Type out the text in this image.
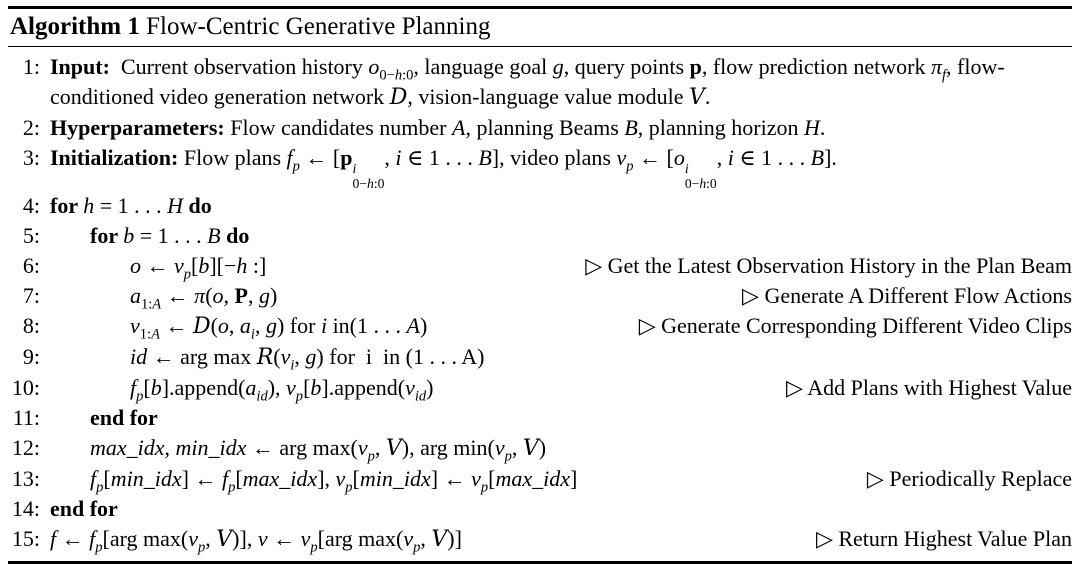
Algorithm 1 Flow-Centric Generative Planning
1: Input:  Current observation history $o_{0-h:0}$, language goal g, query points p, flow prediction network $\pi_f$, flow-conditioned video generation network D, vision-language value module V.
2: Hyperparameters: Flow candidates number A, planning Beams B, planning horizon H.
3: Initialization: Flow plans $f_p$ ← [p i
0−h:0
, i ∈ 1 . . . B], video plans $v_p$ ← [o i
0−h:0
, i ∈ 1 . . . B].
4: for h = 1 . . . H do
5:	for b = 1 . . . B do
6:	o ← $v_p[b][-h$ :]	▷ Get the Latest Observation History in the Plan Beam
7:	$a_{1:A}$ ← π(o, P, g)	▷ Generate A Different Flow Actions
8:	$v_{1:A}$ ← D(o, $a_i$, g) for i in(1 . . . A)	▷ Generate Corresponding Different Video Clips
9:	id ← arg $\max R(v_i$, g) for  i  in (1 . . . A)
10:	$f_p[b].append(a_{id})$, $v_p[b].append(v_{id})$	▷ Add Plans with Highest Value
11:	end for
12:	max_idx, min_idx ← arg $\max(v_p$, V), arg $\min(v_p$, V)
13:	$f_p[\min\_idx]$ ← $f_p[\max\_idx]$, $v_p[\min\_idx]$ ← $v_p[\max\_idx]$	▷ Periodically Replace
14: end for
15: f ← $f_p[arg$ $\max(v_p$, V)], v ← $v_p[arg$ $\max(v_p$, V)]	▷ Return Highest Value Plan
